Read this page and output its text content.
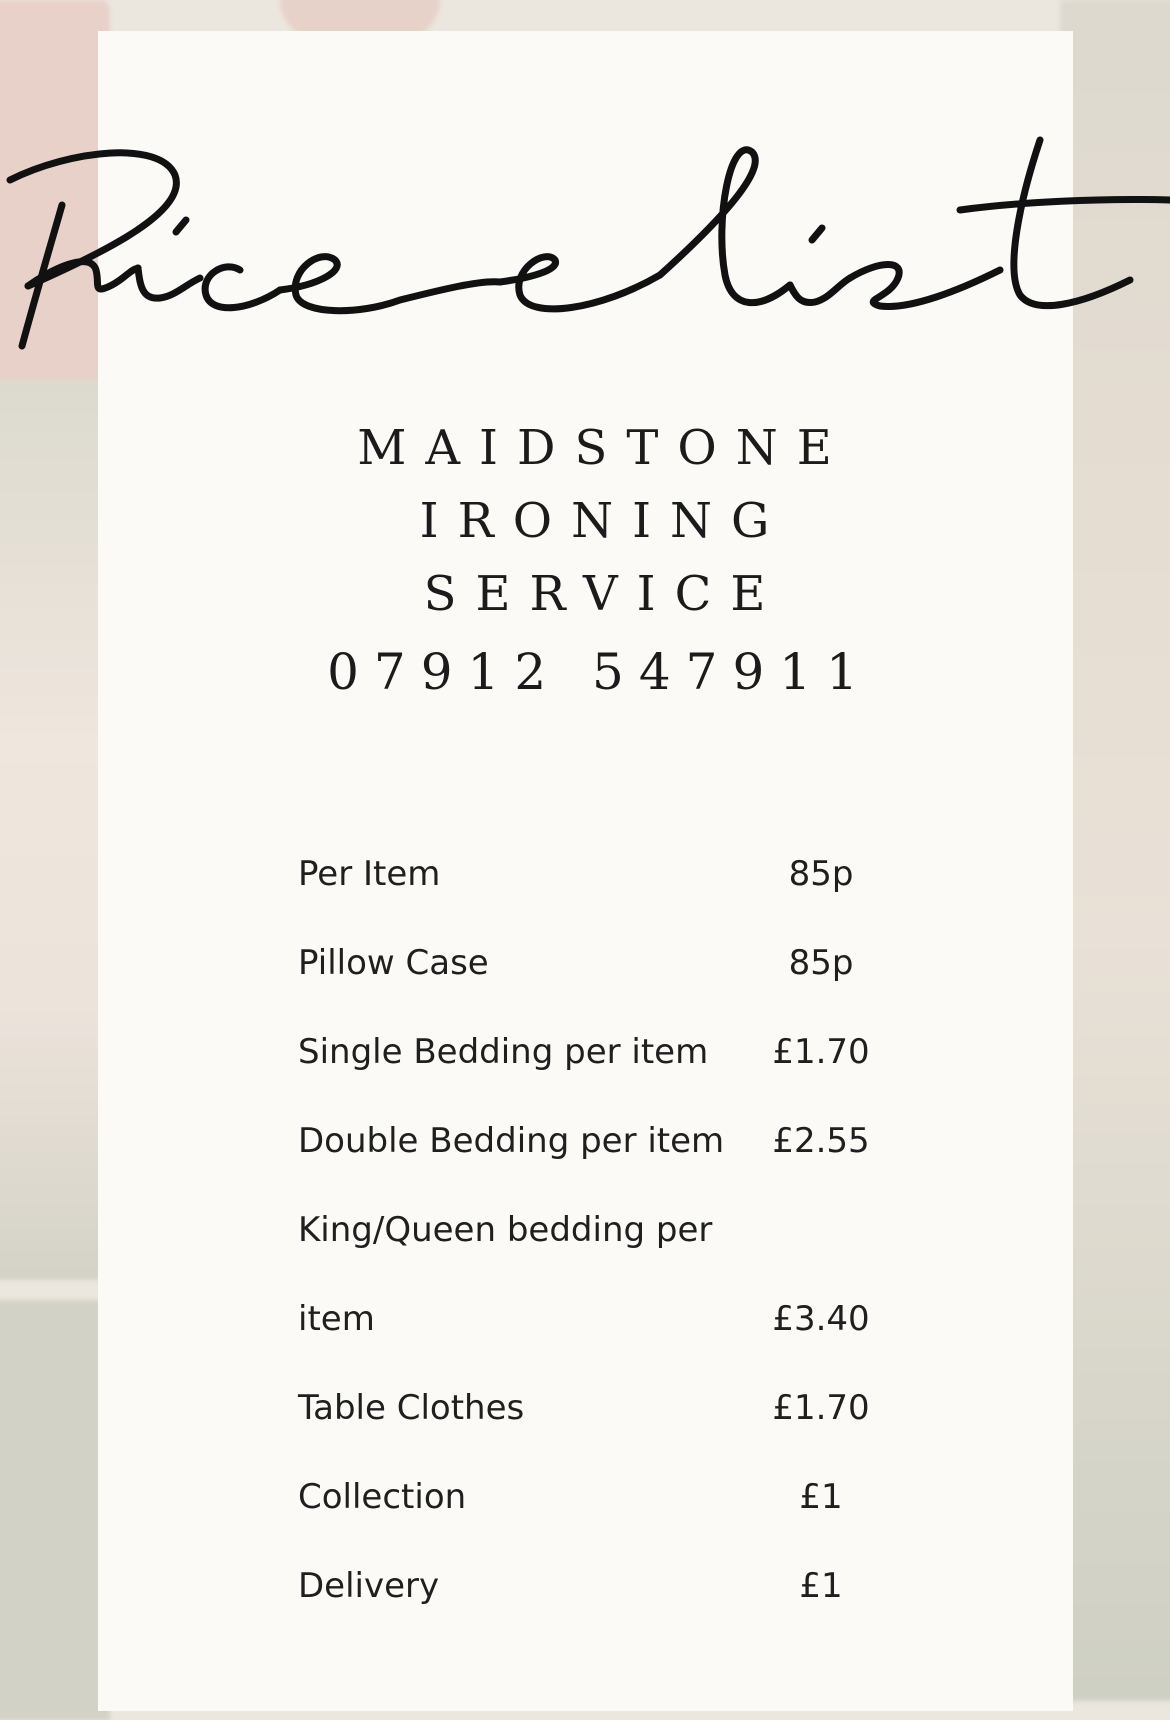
MAIDSTONE

IRONING

SERVICE

07912 547911

Per Item	85p
Pillow Case	85p
Single Bedding per item	£1.70
Double Bedding per item	£2.55
King/Queen bedding per
item	£3.40
Table Clothes	£1.70
Collection	£1
Delivery	£1
